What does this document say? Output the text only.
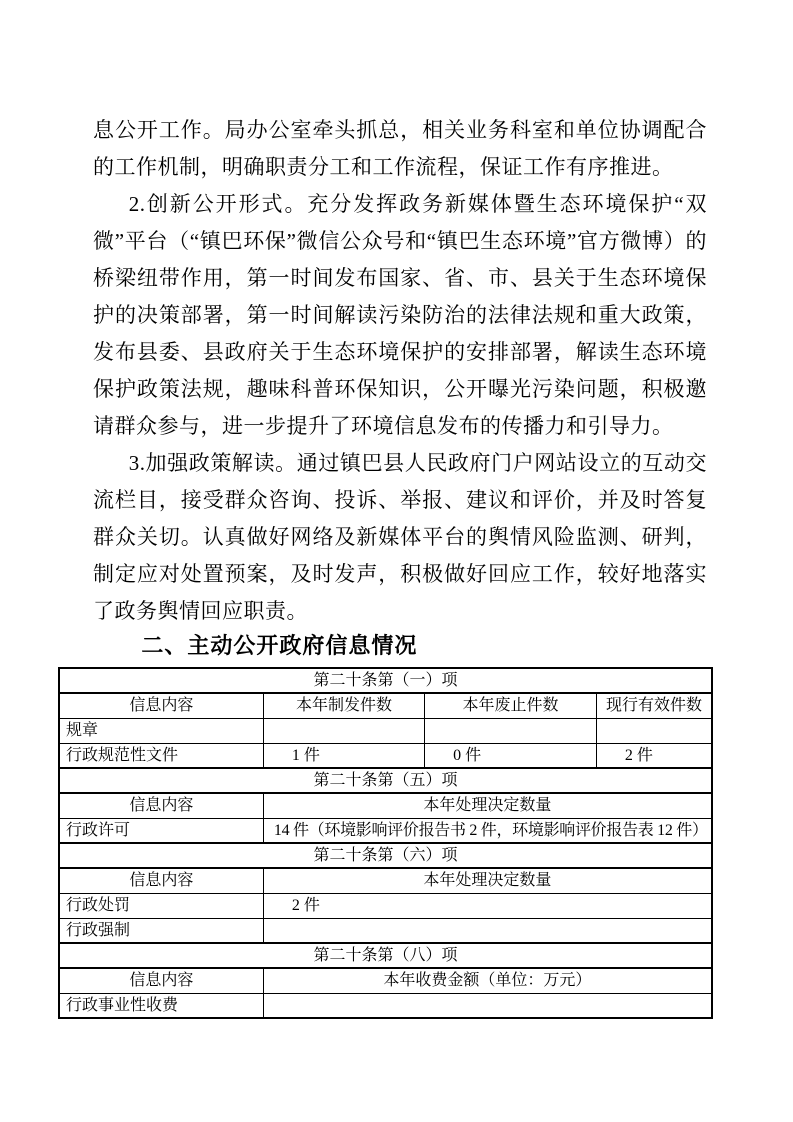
息公开工作。局办公室牵头抓总，相关业务科室和单位协调配合的工作机制，明确职责分工和工作流程，保证工作有序推进。

2.创新公开形式。充分发挥政务新媒体暨生态环境保护“双微”平台（“镇巴环保”微信公众号和“镇巴生态环境”官方微博）的桥梁纽带作用，第一时间发布国家、省、市、县关于生态环境保护的决策部署，第一时间解读污染防治的法律法规和重大政策，发布县委、县政府关于生态环境保护的安排部署，解读生态环境保护政策法规，趣味科普环保知识，公开曝光污染问题，积极邀请群众参与，进一步提升了环境信息发布的传播力和引导力。

3.加强政策解读。通过镇巴县人民政府门户网站设立的互动交流栏目，接受群众咨询、投诉、举报、建议和评价，并及时答复群众关切。认真做好网络及新媒体平台的舆情风险监测、研判，制定应对处置预案，及时发声，积极做好回应工作，较好地落实了政务舆情回应职责。

二、主动公开政府信息情况
第二十条第（一）项			
信息内容	本年制发件数	本年废止件数	现行有效件数
规章			
行政规范性文件	1 件	0 件	2 件
第二十条第（五）项			
信息内容	本年处理决定数量		
行政许可	14 件（环境影响评价报告书 2 件，环境影响评价报告表 12 件）		
第二十条第（六）项			
信息内容	本年处理决定数量		
行政处罚	2 件		
行政强制			
第二十条第（八）项			
信息内容	本年收费金额（单位：万元）		
行政事业性收费			
